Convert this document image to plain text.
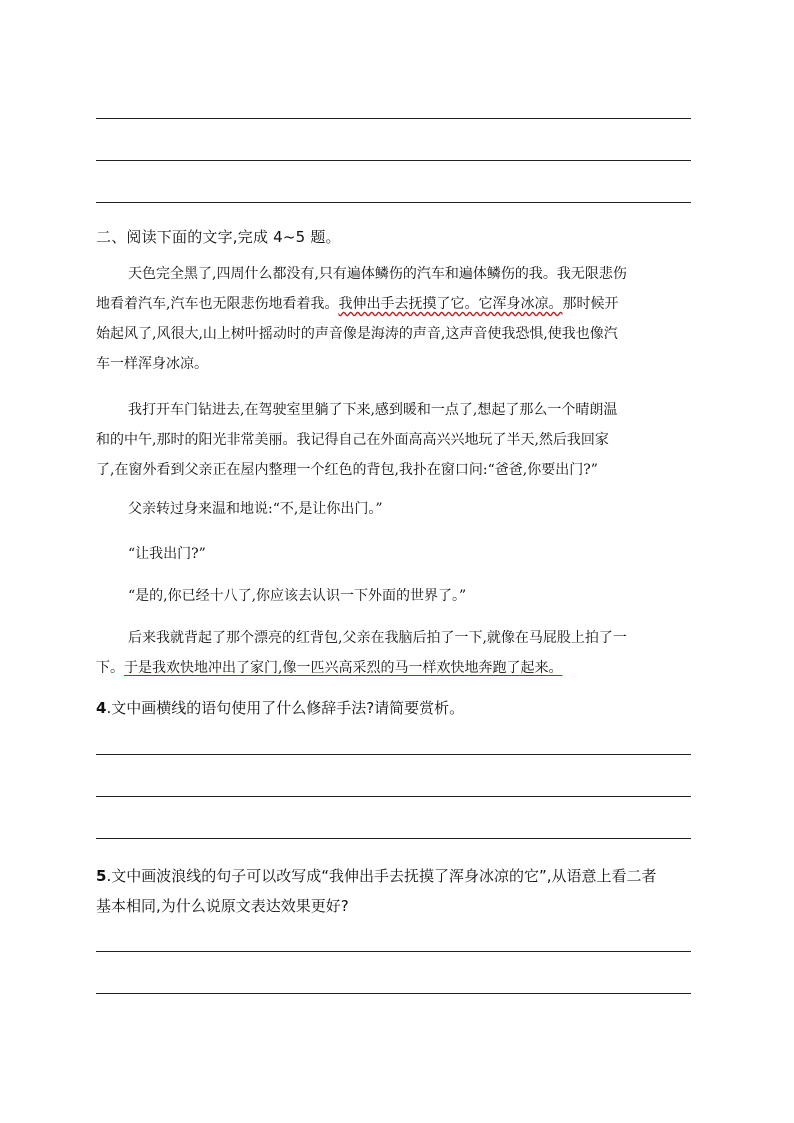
二、阅读下面的文字,完成 4~5 题。
天色完全黑了,四周什么都没有,只有遍体鳞伤的汽车和遍体鳞伤的我。我无限悲伤
地看着汽车,汽车也无限悲伤地看着我。我伸出手去抚摸了它。它浑身冰凉。那时候开
始起风了,风很大,山上树叶摇动时的声音像是海涛的声音,这声音使我恐惧,使我也像汽
车一样浑身冰凉。
我打开车门钻进去,在驾驶室里躺了下来,感到暖和一点了,想起了那么一个晴朗温
和的中午,那时的阳光非常美丽。我记得自己在外面高高兴兴地玩了半天,然后我回家
了,在窗外看到父亲正在屋内整理一个红色的背包,我扑在窗口问:“爸爸,你要出门?”
父亲转过身来温和地说:“不,是让你出门。”
“让我出门?”
“是的,你已经十八了,你应该去认识一下外面的世界了。”
后来我就背起了那个漂亮的红背包,父亲在我脑后拍了一下,就像在马屁股上拍了一
下。于是我欢快地冲出了家门,像一匹兴高采烈的马一样欢快地奔跑了起来。
4.文中画横线的语句使用了什么修辞手法?请简要赏析。
5.文中画波浪线的句子可以改写成“我伸出手去抚摸了浑身冰凉的它”,从语意上看二者
基本相同,为什么说原文表达效果更好?
